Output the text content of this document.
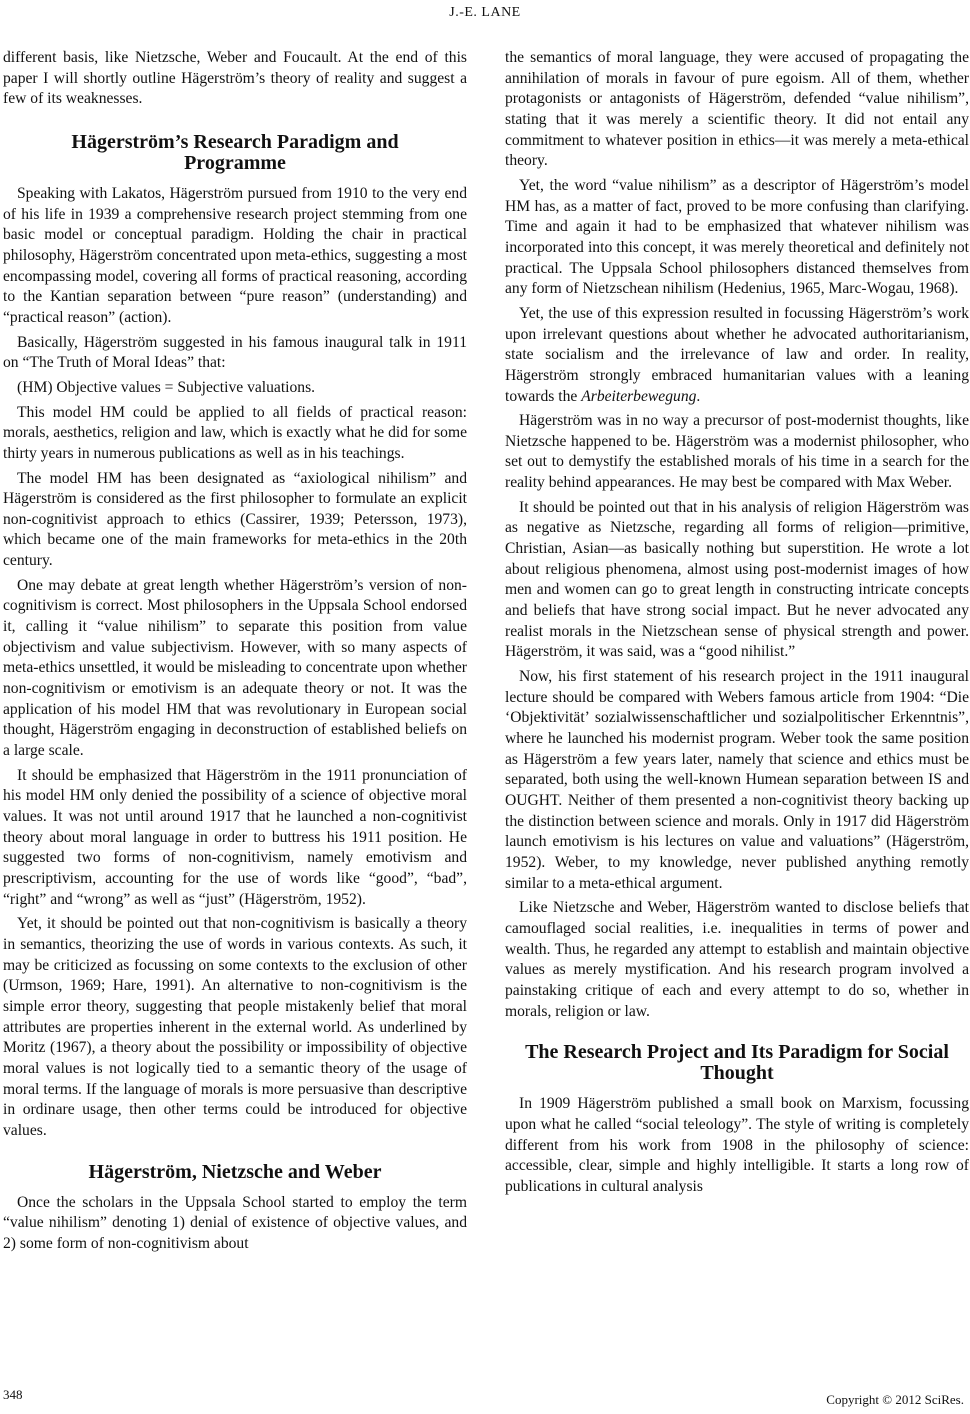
J.-E. LANE

different basis, like Nietzsche, Weber and Foucault. At the end of this paper I will shortly outline Hägerström’s theory of reality and suggest a few of its weaknesses.

Hägerström’s Research Paradigm and Programme

Speaking with Lakatos, Hägerström pursued from 1910 to the very end of his life in 1939 a comprehensive research project stemming from one basic model or conceptual paradigm. Holding the chair in practical philosophy, Hägerström concentrated upon meta-ethics, suggesting a most encompassing model, covering all forms of practical reasoning, according to the Kantian separation between “pure reason” (understanding) and “practical reason” (action).

Basically, Hägerström suggested in his famous inaugural talk in 1911 on “The Truth of Moral Ideas” that:

(HM) Objective values = Subjective valuations.

This model HM could be applied to all fields of practical reason: morals, aesthetics, religion and law, which is exactly what he did for some thirty years in numerous publications as well as in his teachings.

The model HM has been designated as “axiological nihilism” and Hägerström is considered as the first philosopher to formulate an explicit non-cognitivist approach to ethics (Cassirer, 1939; Petersson, 1973), which became one of the main frameworks for meta-ethics in the 20th century.

One may debate at great length whether Hägerström’s version of non-cognitivism is correct. Most philosophers in the Uppsala School endorsed it, calling it “value nihilism” to separate this position from value objectivism and value subjectivism. However, with so many aspects of meta-ethics unsettled, it would be misleading to concentrate upon whether non-cognitivism or emotivism is an adequate theory or not. It was the application of his model HM that was revolutionary in European social thought, Hägerström engaging in deconstruction of established beliefs on a large scale.

It should be emphasized that Hägerström in the 1911 pronunciation of his model HM only denied the possibility of a science of objective moral values. It was not until around 1917 that he launched a non-cognitivist theory about moral language in order to buttress his 1911 position. He suggested two forms of non-cognitivism, namely emotivism and prescriptivism, accounting for the use of words like “good”, “bad”, “right” and “wrong” as well as “just” (Hägerström, 1952).

Yet, it should be pointed out that non-cognitivism is basically a theory in semantics, theorizing the use of words in various contexts. As such, it may be criticized as focussing on some contexts to the exclusion of other (Urmson, 1969; Hare, 1991). An alternative to non-cognitivism is the simple error theory, suggesting that people mistakenly belief that moral attributes are properties inherent in the external world. As underlined by Moritz (1967), a theory about the possibility or impossibility of objective moral values is not logically tied to a semantic theory of the usage of moral terms. If the language of morals is more persuasive than descriptive in ordinare usage, then other terms could be introduced for objective values.

Hägerström, Nietzsche and Weber

Once the scholars in the Uppsala School started to employ the term “value nihilism” denoting 1) denial of existence of objective values, and 2) some form of non-cognitivism about

the semantics of moral language, they were accused of propagating the annihilation of morals in favour of pure egoism. All of them, whether protagonists or antagonists of Hägerström, defended “value nihilism”, stating that it was merely a scientific theory. It did not entail any commitment to whatever position in ethics—it was merely a meta-ethical theory.

Yet, the word “value nihilism” as a descriptor of Hägerström’s model HM has, as a matter of fact, proved to be more confusing than clarifying. Time and again it had to be emphasized that whatever nihilism was incorporated into this concept, it was merely theoretical and definitely not practical. The Uppsala School philosophers distanced themselves from any form of Nietzschean nihilism (Hedenius, 1965, Marc-Wogau, 1968).

Yet, the use of this expression resulted in focussing Hägerström’s work upon irrelevant questions about whether he advocated authoritarianism, state socialism and the irrelevance of law and order. In reality, Hägerström strongly embraced humanitarian values with a leaning towards the Arbeiterbewegung.

Hägerström was in no way a precursor of post-modernist thoughts, like Nietzsche happened to be. Hägerström was a modernist philosopher, who set out to demystify the established morals of his time in a search for the reality behind appearances. He may best be compared with Max Weber.

It should be pointed out that in his analysis of religion Hägerström was as negative as Nietzsche, regarding all forms of religion—primitive, Christian, Asian—as basically nothing but superstition. He wrote a lot about religious phenomena, almost using post-modernist images of how men and women can go to great length in constructing intricate concepts and beliefs that have strong social impact. But he never advocated any realist morals in the Nietzschean sense of physical strength and power. Hägerström, it was said, was a “good nihilist.”

Now, his first statement of his research project in the 1911 inaugural lecture should be compared with Webers famous article from 1904: “Die ‘Objektivität’ sozialwissenschaftlicher und sozialpolitischer Erkenntnis”, where he launched his modernist program. Weber took the same position as Hägerström a few years later, namely that science and ethics must be separated, both using the well-known Humean separation between IS and OUGHT. Neither of them presented a non-cognitivist theory backing up the distinction between science and morals. Only in 1917 did Hägerström launch emotivism is his lectures on value and valuations” (Hägerström, 1952). Weber, to my knowledge, never published anything remotly similar to a meta-ethical argument.

Like Nietzsche and Weber, Hägerström wanted to disclose beliefs that camouflaged social realities, i.e. inequalities in terms of power and wealth. Thus, he regarded any attempt to establish and maintain objective values as merely mystification. And his research program involved a painstaking critique of each and every attempt to do so, whether in morals, religion or law.

The Research Project and Its Paradigm for Social Thought

In 1909 Hägerström published a small book on Marxism, focussing upon what he called “social teleology”. The style of writing is completely different from his work from 1908 in the philosophy of science: accessible, clear, simple and highly intelligible. It starts a long row of publications in cultural analysis

348	Copyright © 2012 SciRes.
